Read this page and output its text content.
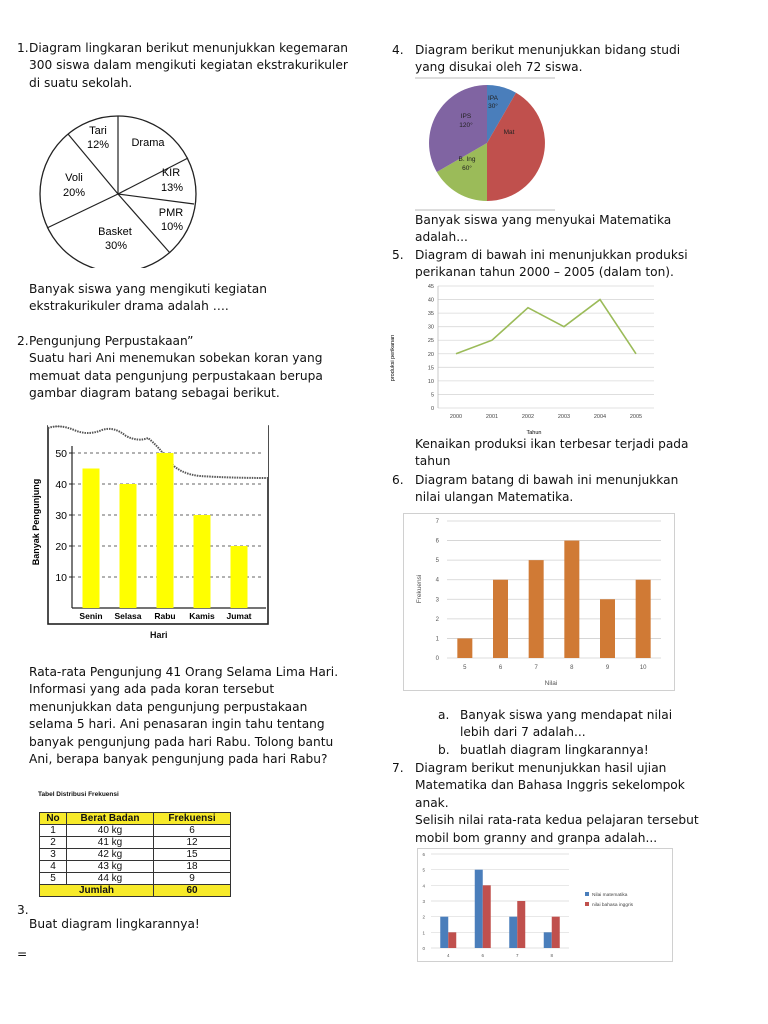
1. Diagram lingkaran berikut menunjukkan kegemaran
300 siswa dalam mengikuti kegiatan ekstrakurikuler
di suatu sekolah.
Tari
12% Drama
KIR
13%
PMR
10%
Basket
30%
Voli
20%
Banyak siswa yang mengikuti kegiatan
ekstrakurikuler drama adalah ….
2. Pengunjung Perpustakaan”
Suatu hari Ani menemukan sobekan koran yang
memuat data pengunjung perpustakaan berupa
gambar diagram batang sebagai berikut.
10
20
30
40
50
Senin Selasa Rabu Kamis Jumat
Banyak Pengunjung
Hari
Rata-rata Pengunjung 41 Orang Selama Lima Hari.
Informasi yang ada pada koran tersebut
menunjukkan data pengunjung perpustakaan
selama 5 hari. Ani penasaran ingin tahu tentang
banyak pengunjung pada hari Rabu. Tolong bantu
Ani, berapa banyak pengunjung pada hari Rabu?
Tabel Distribusi Frekuensi
No	Berat Badan	Frekuensi
1	40 kg	6
2	41 kg	12
3	42 kg	15
4	43 kg	18
5	44 kg	9
Jumlah		60
3.
Buat diagram lingkarannya!
=
4. Diagram berikut menunjukkan bidang studi
yang disukai oleh 72 siswa.
IPA
30°
Mat
B. Ing
60°
IPS
120°
Banyak siswa yang menyukai Matematika
adalah...
5. Diagram di bawah ini menunjukkan produksi
perikanan tahun 2000 – 2005 (dalam ton).
0
5
10
15
20
25
30
35
40
45
2000	2001	2002	2003	2004	2005
produksi perikanan
Tahun
Kenaikan produksi ikan terbesar terjadi pada
tahun
6. Diagram batang di bawah ini menunjukkan
nilai ulangan Matematika.
0
1
2
3
4
5
6
7
5	6	7	8	9	10
Frekuensi
Nilai
a. Banyak siswa yang mendapat nilai
lebih dari 7 adalah...
b. buatlah diagram lingkarannya!
7. Diagram berikut menunjukkan hasil ujian
Matematika dan Bahasa Inggris sekelompok
anak.
Selisih nilai rata-rata kedua pelajaran tersebut
mobil bom granny and granpa adalah...
0
1
2
3
4
5
6
4	6	7	8
Nilai matematika
nilai bahasa inggris
